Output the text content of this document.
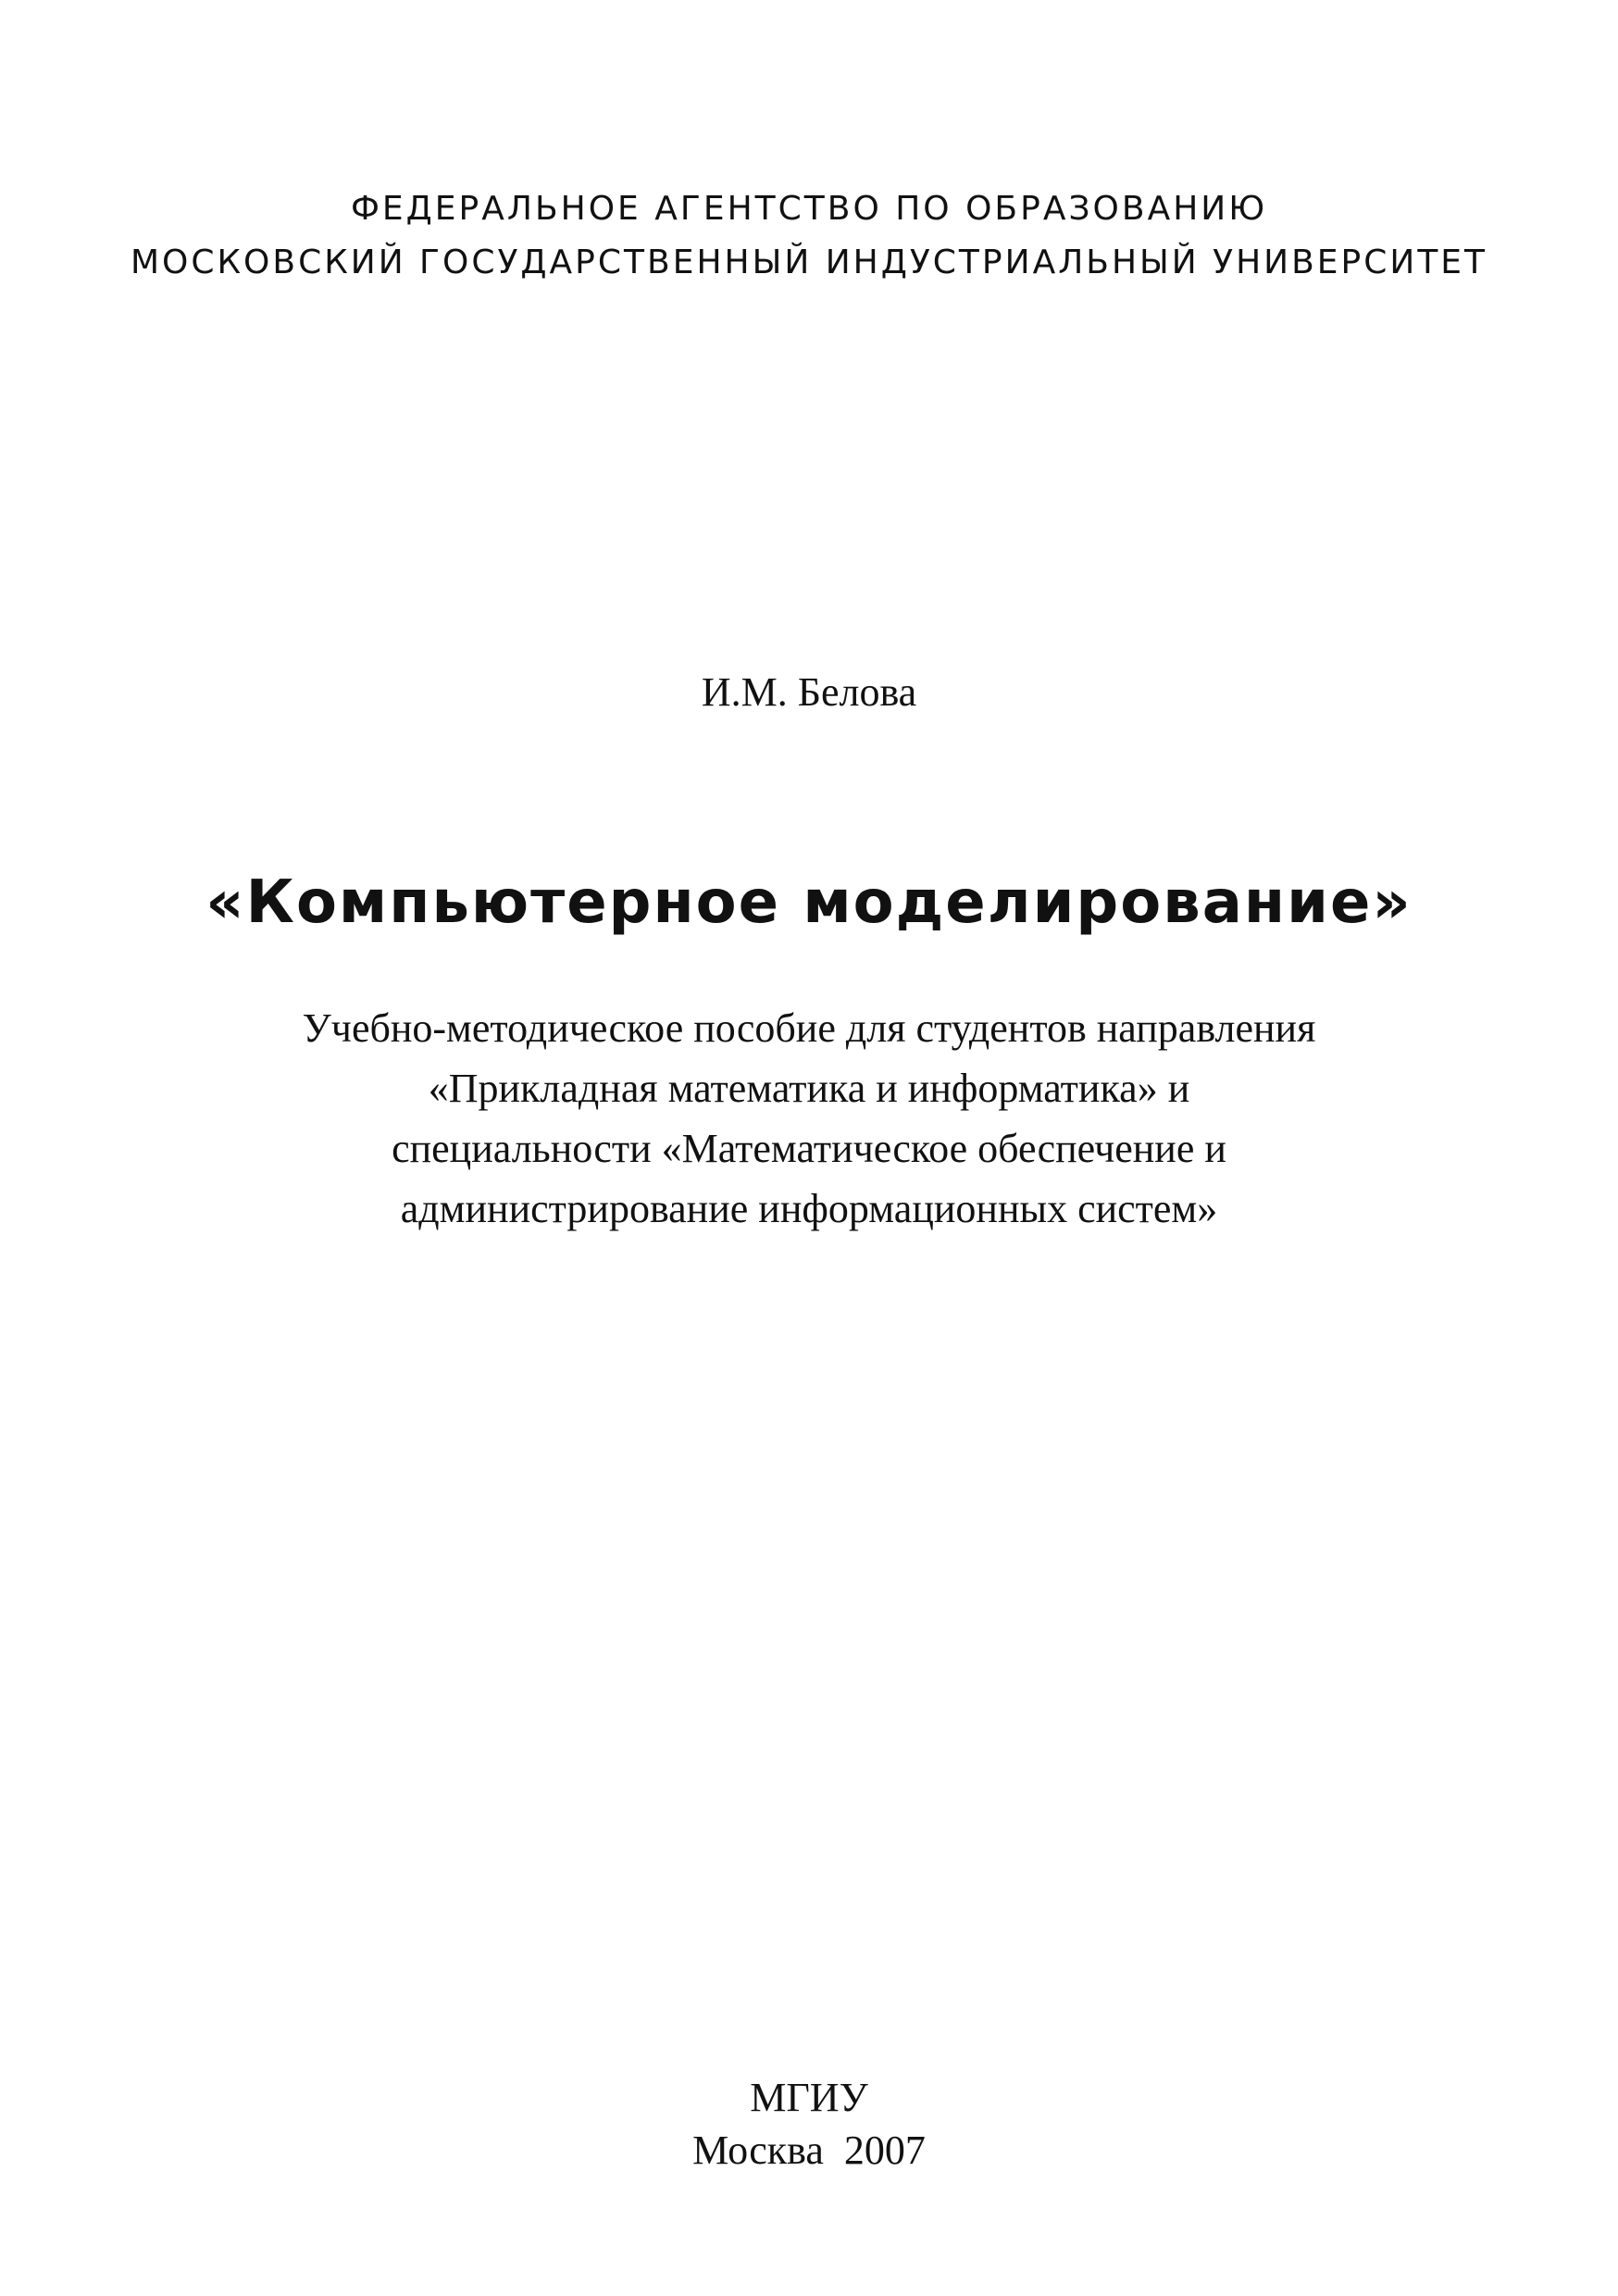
ФЕДЕРАЛЬНОЕ АГЕНТСТВО ПО ОБРАЗОВАНИЮ
МОСКОВСКИЙ ГОСУДАРСТВЕННЫЙ ИНДУСТРИАЛЬНЫЙ УНИВЕРСИТЕТ
И.М. Белова
«Компьютерное моделирование»
Учебно-методическое пособие для студентов направления
«Прикладная математика и информатика» и
специальности «Математическое обеспечение и
администрирование информационных систем»
МГИУ
Москва  2007
